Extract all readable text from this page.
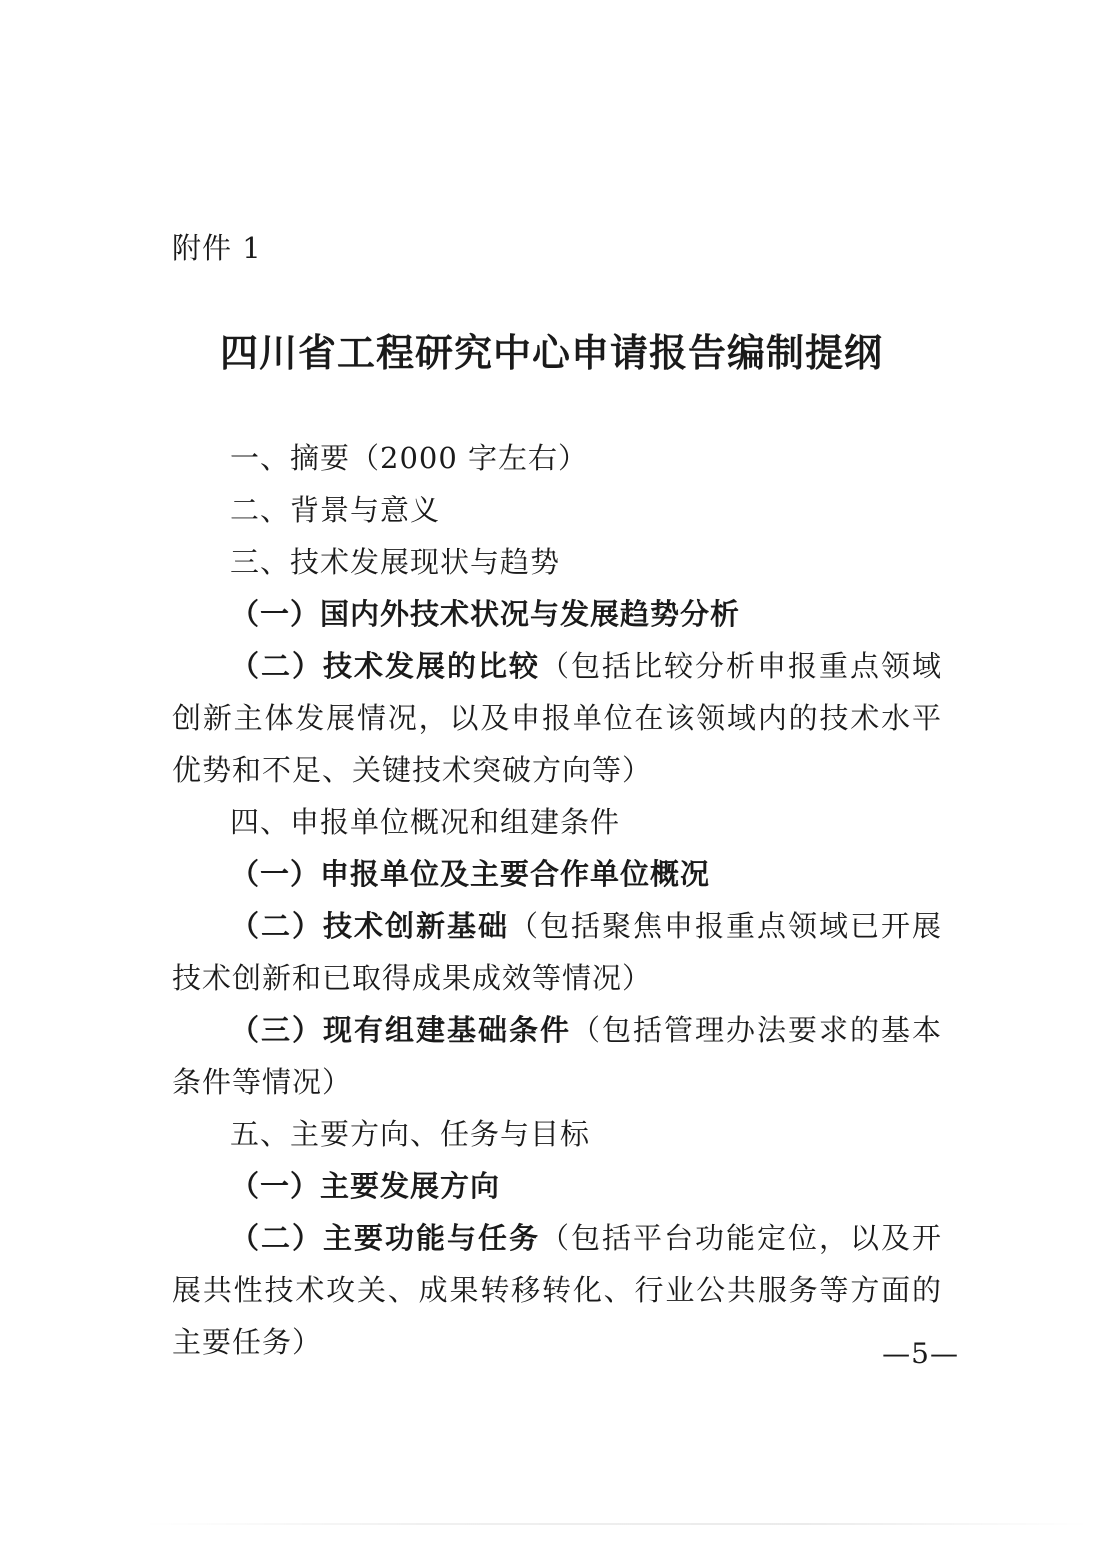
附件 1
四川省工程研究中心申请报告编制提纲

一、摘要（2000 字左右）

二、背景与意义

三、技术发展现状与趋势

（一）国内外技术状况与发展趋势分析

（二）技术发展的比较（包括比较分析申报重点领域创新主体发展情况，以及申报单位在该领域内的技术水平优势和不足、关键技术突破方向等）

四、申报单位概况和组建条件

（一）申报单位及主要合作单位概况

（二）技术创新基础（包括聚焦申报重点领域已开展技术创新和已取得成果成效等情况）

（三）现有组建基础条件（包括管理办法要求的基本条件等情况）

五、主要方向、任务与目标

（一）主要发展方向

（二）主要功能与任务（包括平台功能定位，以及开展共性技术攻关、成果转移转化、行业公共服务等方面的主要任务）	—5—
